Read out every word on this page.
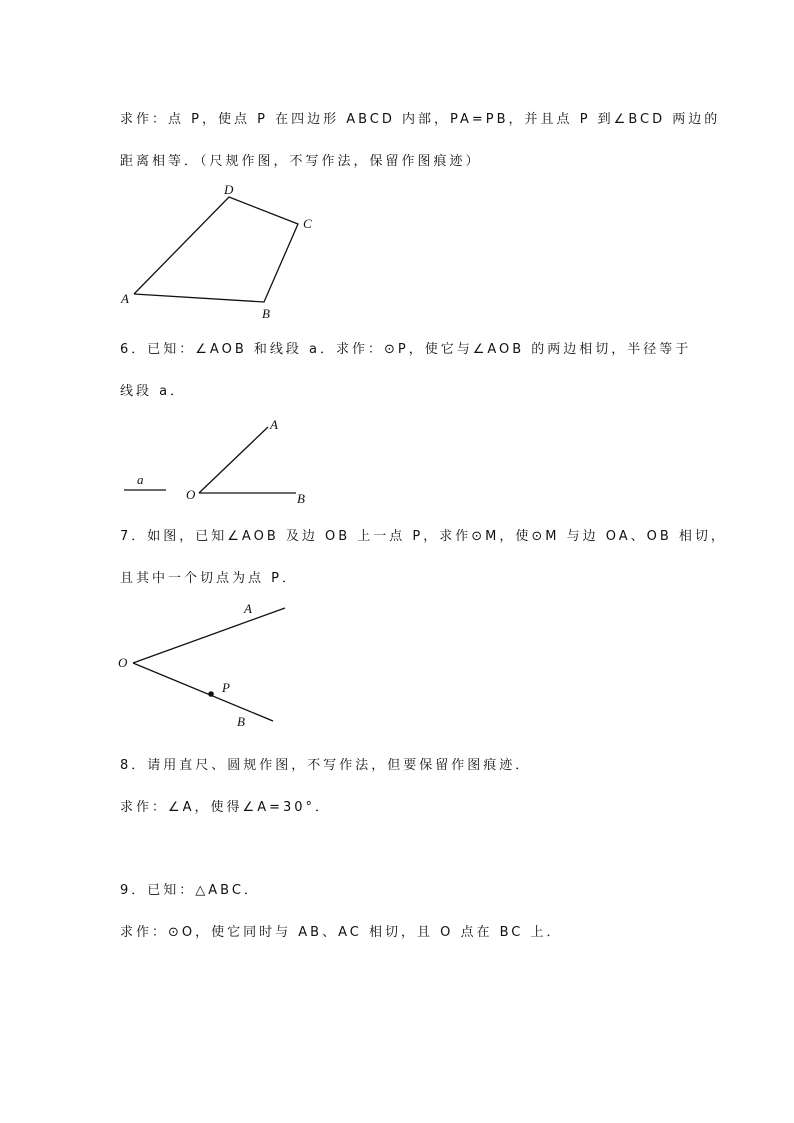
求作：点 P，使点 P 在四边形 ABCD 内部，PA=PB，并且点 P 到∠BCD 两边的
距离相等．（尺规作图，不写作法，保留作图痕迹）
D
C
A
B
a
O
A
B
O
A
B
P
6．已知：∠AOB 和线段 a．求作：⊙P，使它与∠AOB 的两边相切，半径等于
线段 a．
7．如图，已知∠AOB 及边 OB 上一点 P，求作⊙M，使⊙M 与边 OA、OB 相切，
且其中一个切点为点 P．
8．请用直尺、圆规作图，不写作法，但要保留作图痕迹．
求作：∠A，使得∠A=30°．
9．已知：△ABC．
求作：⊙O，使它同时与 AB、AC 相切，且 O 点在 BC 上．
